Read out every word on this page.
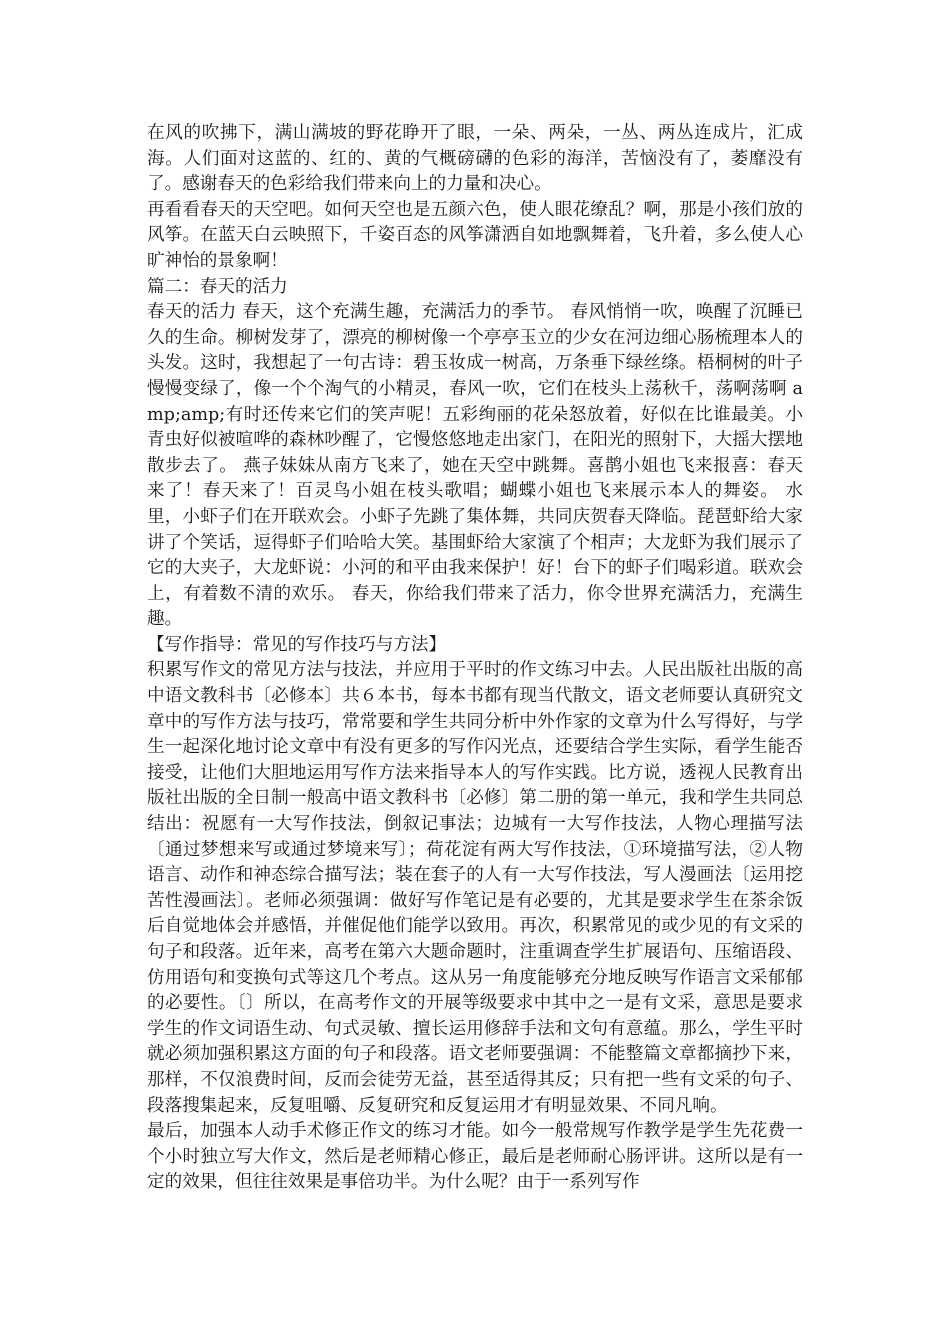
在风的吹拂下，满山满坡的野花睁开了眼，一朵、两朵，一丛、两丛连成片，汇成海。人们面对这蓝的、红的、黄的气概磅礴的色彩的海洋，苦恼没有了，萎靡没有了。感谢春天的色彩给我们带来向上的力量和决心。

再看看春天的天空吧。如何天空也是五颜六色，使人眼花缭乱？啊，那是小孩们放的风筝。在蓝天白云映照下，千姿百态的风筝潇洒自如地飘舞着，飞升着，多么使人心旷神怡的景象啊！

篇二：春天的活力

春天的活力 春天，这个充满生趣，充满活力的季节。 春风悄悄一吹，唤醒了沉睡已久的生命。柳树发芽了，漂亮的柳树像一个亭亭玉立的少女在河边细心肠梳理本人的头发。这时，我想起了一句古诗：碧玉妆成一树高，万条垂下绿丝绦。梧桐树的叶子慢慢变绿了，像一个个淘气的小精灵，春风一吹，它们在枝头上荡秋千，荡啊荡啊 amp;amp;有时还传来它们的笑声呢！五彩绚丽的花朵怒放着，好似在比谁最美。小青虫好似被喧哗的森林吵醒了，它慢悠悠地走出家门，在阳光的照射下，大摇大摆地散步去了。 燕子妹妹从南方飞来了，她在天空中跳舞。喜鹊小姐也飞来报喜：春天来了！春天来了！百灵鸟小姐在枝头歌唱；蝴蝶小姐也飞来展示本人的舞姿。 水里，小虾子们在开联欢会。小虾子先跳了集体舞，共同庆贺春天降临。琵琶虾给大家讲了个笑话，逗得虾子们哈哈大笑。基围虾给大家演了个相声；大龙虾为我们展示了它的大夹子，大龙虾说：小河的和平由我来保护！好！台下的虾子们喝彩道。联欢会上，有着数不清的欢乐。 春天，你给我们带来了活力，你令世界充满活力，充满生趣。

【写作指导：常见的写作技巧与方法】

积累写作文的常见方法与技法，并应用于平时的作文练习中去。人民出版社出版的高中语文教科书〔必修本〕共６本书，每本书都有现当代散文，语文老师要认真研究文章中的写作方法与技巧，常常要和学生共同分析中外作家的文章为什么写得好，与学生一起深化地讨论文章中有没有更多的写作闪光点，还要结合学生实际，看学生能否接受，让他们大胆地运用写作方法来指导本人的写作实践。比方说，透视人民教育出版社出版的全日制一般高中语文教科书〔必修〕第二册的第一单元，我和学生共同总结出：祝愿有一大写作技法，倒叙记事法；边城有一大写作技法，人物心理描写法〔通过梦想来写或通过梦境来写〕；荷花淀有两大写作技法，①环境描写法，②人物语言、动作和神态综合描写法；装在套子的人有一大写作技法，写人漫画法〔运用挖苦性漫画法〕。老师必须强调：做好写作笔记是有必要的，尤其是要求学生在茶余饭后自觉地体会并感悟，并催促他们能学以致用。再次，积累常见的或少见的有文采的句子和段落。近年来，高考在第六大题命题时，注重调查学生扩展语句、压缩语段、仿用语句和变换句式等这几个考点。这从另一角度能够充分地反映写作语言文采郁郁的必要性。〔〕所以，在高考作文的开展等级要求中其中之一是有文采，意思是要求学生的作文词语生动、句式灵敏、擅长运用修辞手法和文句有意蕴。那么，学生平时就必须加强积累这方面的句子和段落。语文老师要强调：不能整篇文章都摘抄下来，那样，不仅浪费时间，反而会徒劳无益，甚至适得其反；只有把一些有文采的句子、段落搜集起来，反复咀嚼、反复研究和反复运用才有明显效果、不同凡响。

最后，加强本人动手术修正作文的练习才能。如今一般常规写作教学是学生先花费一个小时独立写大作文，然后是老师精心修正，最后是老师耐心肠评讲。这所以是有一定的效果，但往往效果是事倍功半。为什么呢？由于一系列写作
